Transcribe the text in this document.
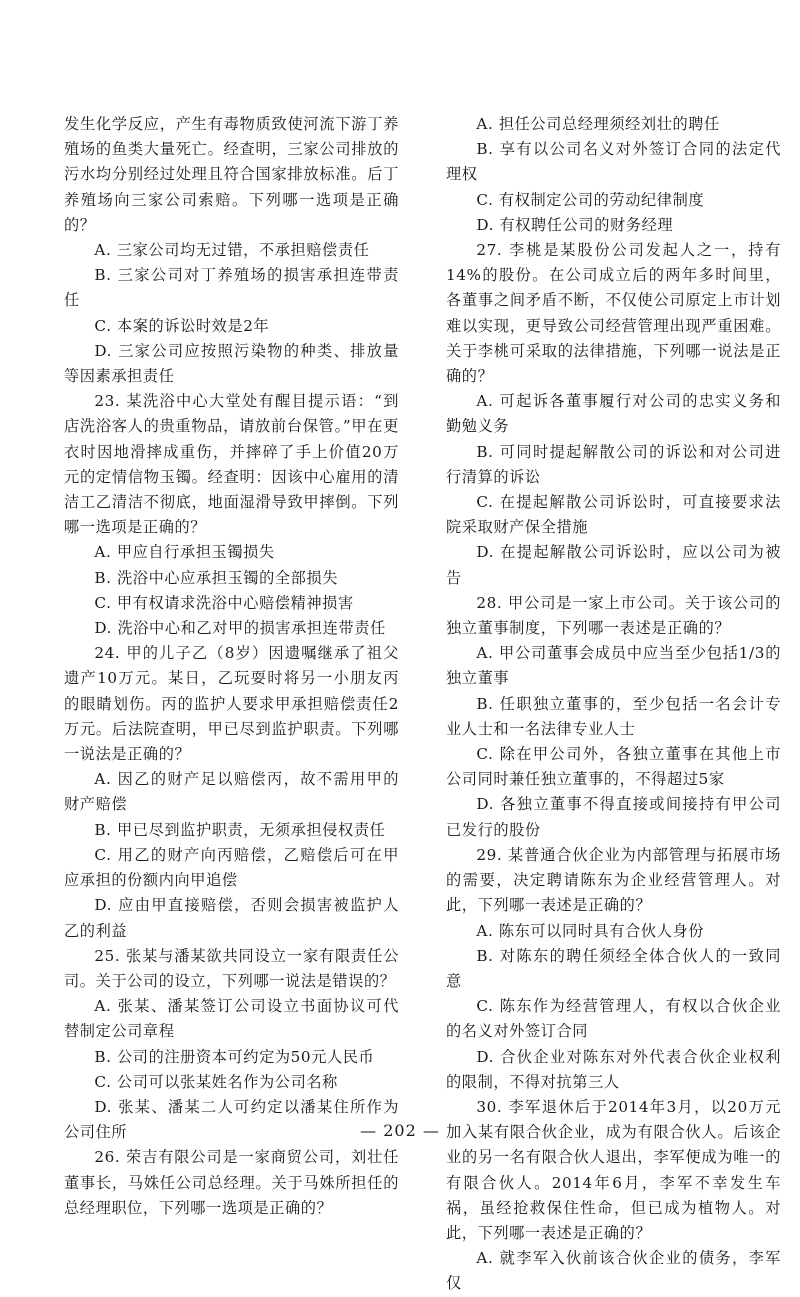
发生化学反应，产生有毒物质致使河流下游丁养殖场的鱼类大量死亡。经查明，三家公司排放的污水均分别经过处理且符合国家排放标准。后丁养殖场向三家公司索赔。下列哪一选项是正确的？

A. 三家公司均无过错，不承担赔偿责任

B. 三家公司对丁养殖场的损害承担连带责任

C. 本案的诉讼时效是2年

D. 三家公司应按照污染物的种类、排放量等因素承担责任

23. 某洗浴中心大堂处有醒目提示语：“到店洗浴客人的贵重物品，请放前台保管。”甲在更衣时因地滑摔成重伤，并摔碎了手上价值20万元的定情信物玉镯。经查明：因该中心雇用的清洁工乙清洁不彻底，地面湿滑导致甲摔倒。下列哪一选项是正确的？

A. 甲应自行承担玉镯损失

B. 洗浴中心应承担玉镯的全部损失

C. 甲有权请求洗浴中心赔偿精神损害

D. 洗浴中心和乙对甲的损害承担连带责任

24. 甲的儿子乙（8岁）因遗嘱继承了祖父遗产10万元。某日，乙玩耍时将另一小朋友丙的眼睛划伤。丙的监护人要求甲承担赔偿责任2万元。后法院查明，甲已尽到监护职责。下列哪一说法是正确的？

A. 因乙的财产足以赔偿丙，故不需用甲的财产赔偿

B. 甲已尽到监护职责，无须承担侵权责任

C. 用乙的财产向丙赔偿，乙赔偿后可在甲应承担的份额内向甲追偿

D. 应由甲直接赔偿，否则会损害被监护人乙的利益

25. 张某与潘某欲共同设立一家有限责任公司。关于公司的设立，下列哪一说法是错误的？

A. 张某、潘某签订公司设立书面协议可代替制定公司章程

B. 公司的注册资本可约定为50元人民币

C. 公司可以张某姓名作为公司名称

D. 张某、潘某二人可约定以潘某住所作为公司住所

26. 荣吉有限公司是一家商贸公司，刘壮任董事长，马姝任公司总经理。关于马姝所担任的总经理职位，下列哪一选项是正确的？

A. 担任公司总经理须经刘壮的聘任

B. 享有以公司名义对外签订合同的法定代理权

C. 有权制定公司的劳动纪律制度

D. 有权聘任公司的财务经理

27. 李桃是某股份公司发起人之一，持有14%的股份。在公司成立后的两年多时间里，各董事之间矛盾不断，不仅使公司原定上市计划难以实现，更导致公司经营管理出现严重困难。关于李桃可采取的法律措施，下列哪一说法是正确的？

A. 可起诉各董事履行对公司的忠实义务和勤勉义务

B. 可同时提起解散公司的诉讼和对公司进行清算的诉讼

C. 在提起解散公司诉讼时，可直接要求法院采取财产保全措施

D. 在提起解散公司诉讼时，应以公司为被告

28. 甲公司是一家上市公司。关于该公司的独立董事制度，下列哪一表述是正确的？

A. 甲公司董事会成员中应当至少包括1/3的独立董事

B. 任职独立董事的，至少包括一名会计专业人士和一名法律专业人士

C. 除在甲公司外，各独立董事在其他上市公司同时兼任独立董事的，不得超过5家

D. 各独立董事不得直接或间接持有甲公司已发行的股份

29. 某普通合伙企业为内部管理与拓展市场的需要，决定聘请陈东为企业经营管理人。对此，下列哪一表述是正确的？

A. 陈东可以同时具有合伙人身份

B. 对陈东的聘任须经全体合伙人的一致同意

C. 陈东作为经营管理人，有权以合伙企业的名义对外签订合同

D. 合伙企业对陈东对外代表合伙企业权利的限制，不得对抗第三人

30. 李军退休后于2014年3月，以20万元加入某有限合伙企业，成为有限合伙人。后该企业的另一名有限合伙人退出，李军便成为唯一的有限合伙人。2014年6月，李军不幸发生车祸，虽经抢救保住性命，但已成为植物人。对此，下列哪一表述是正确的？

A. 就李军入伙前该合伙企业的债务，李军仅

— 202 —
